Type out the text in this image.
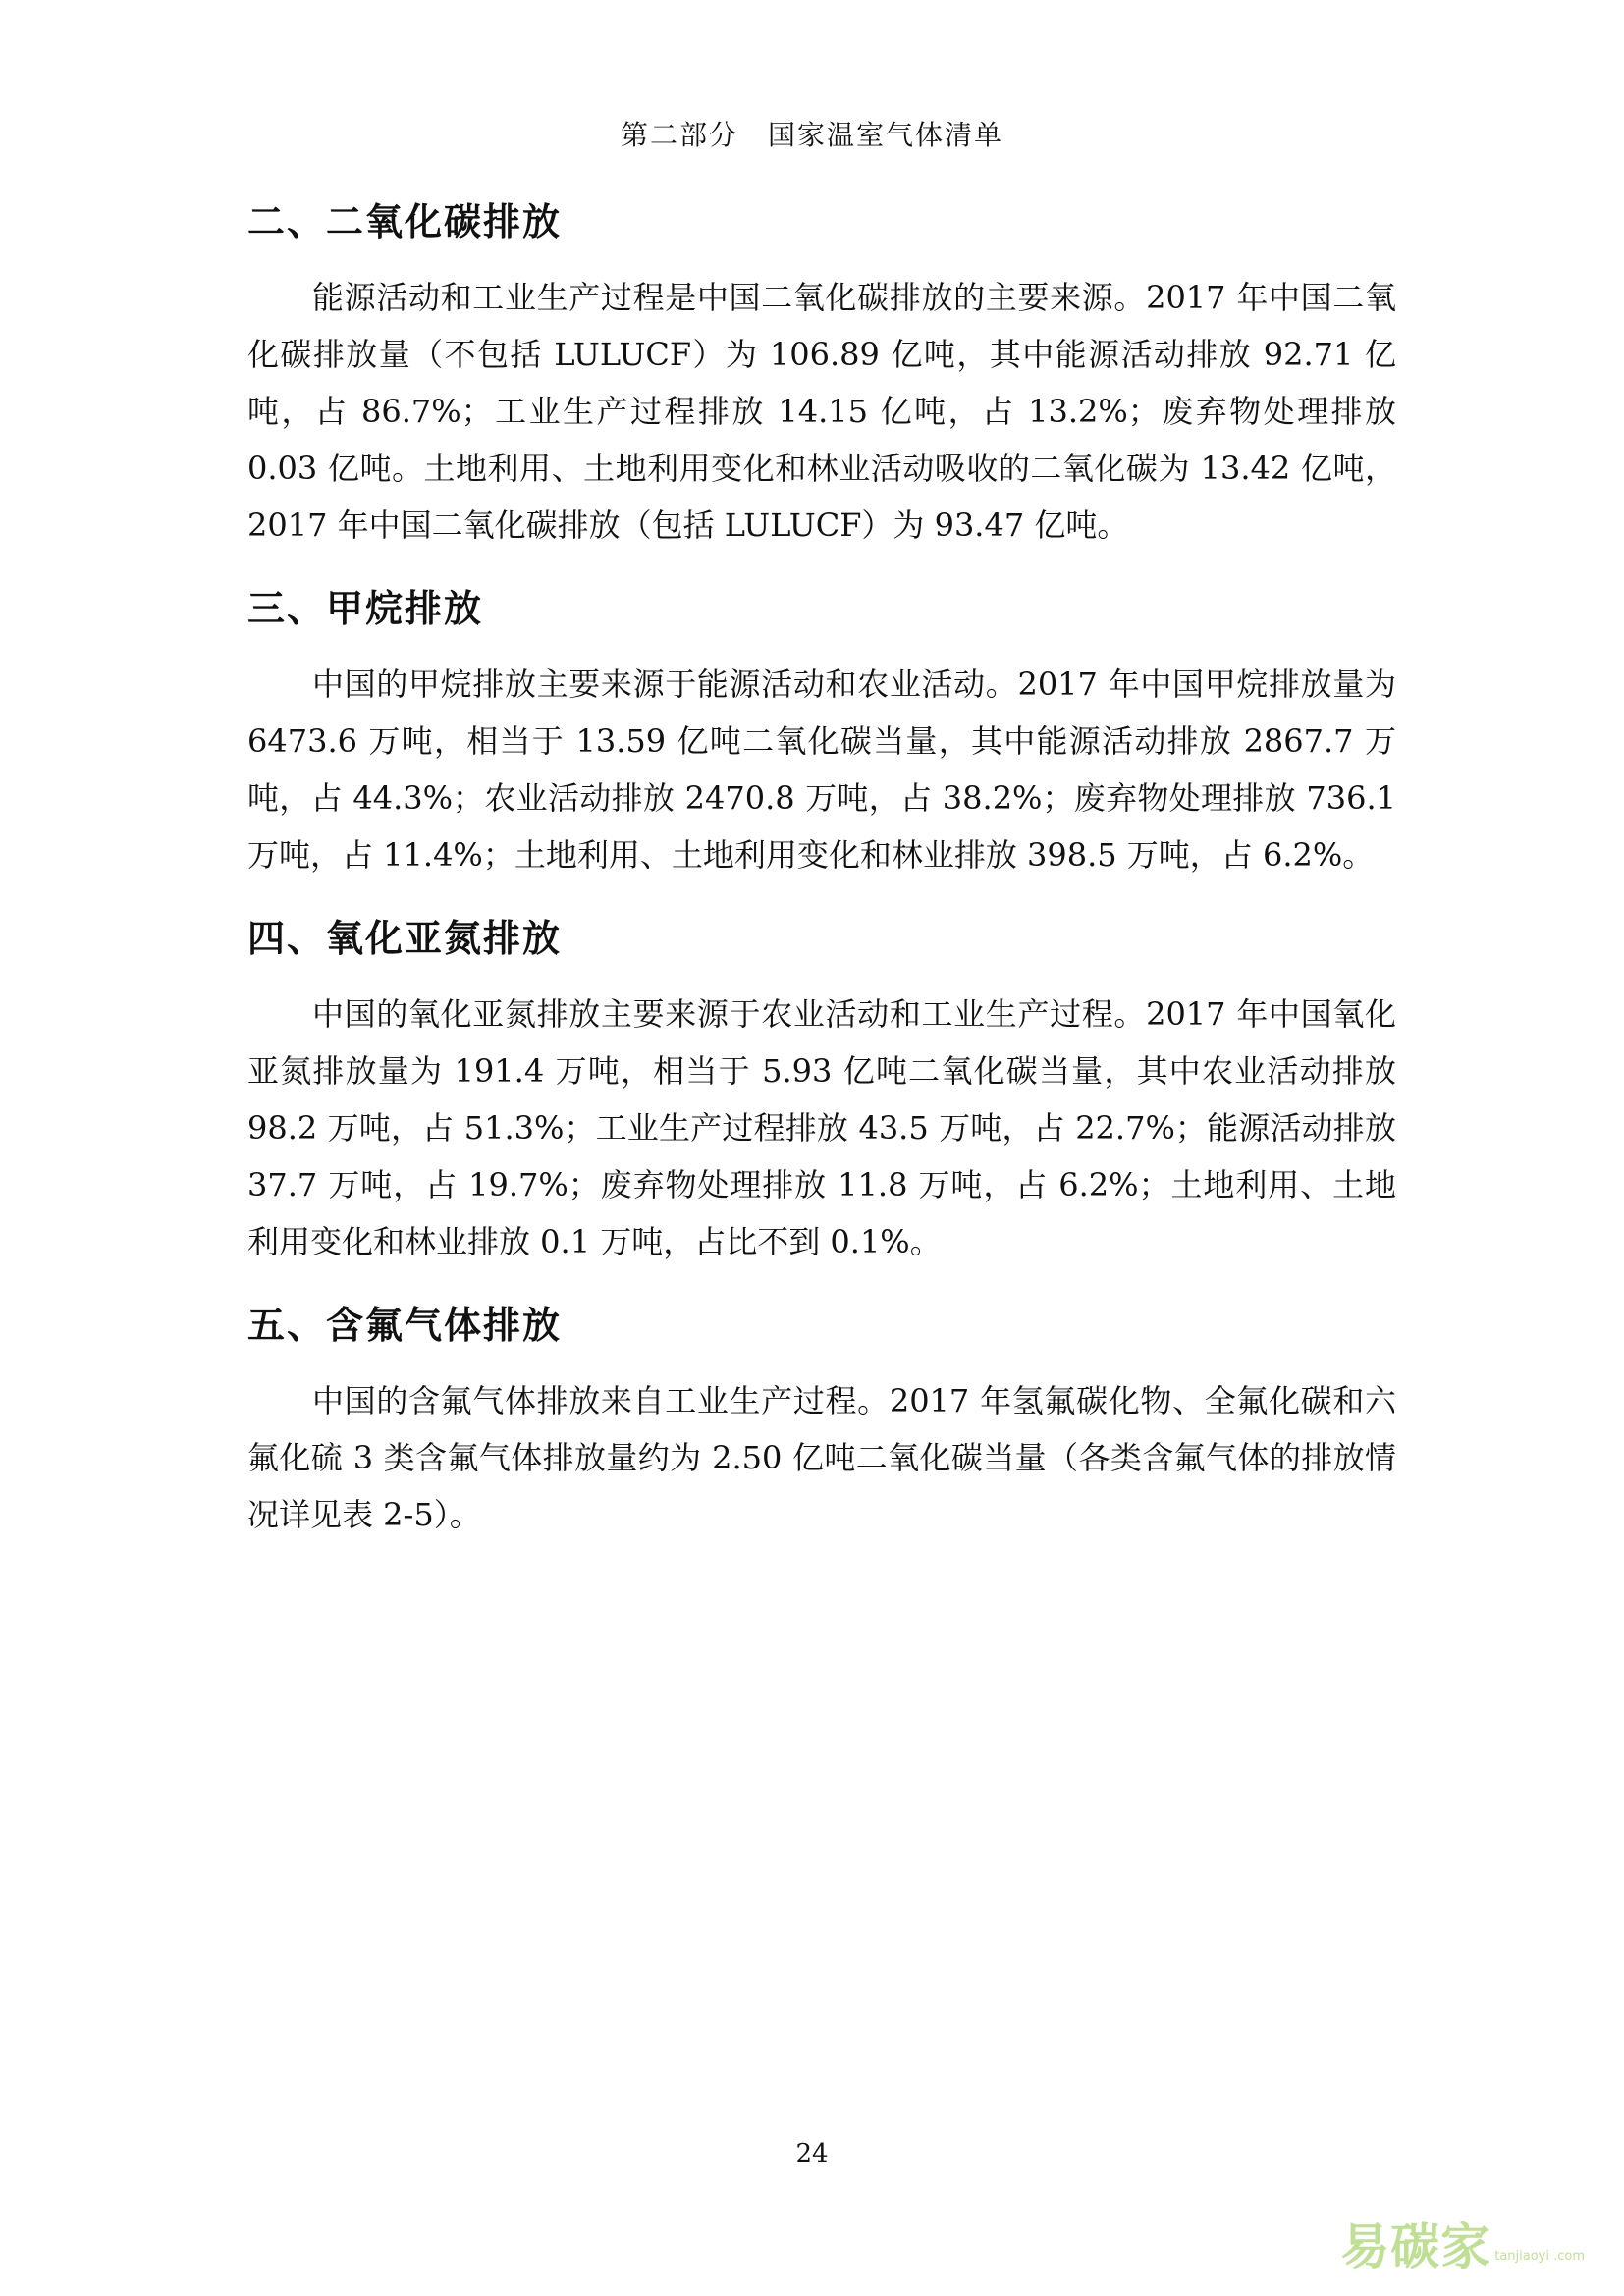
第二部分　国家温室气体清单
二、二氧化碳排放

能源活动和工业生产过程是中国二氧化碳排放的主要来源。2017 年中国二氧化碳排放量（不包括 LULUCF）为 106.89 亿吨，其中能源活动排放 92.71 亿吨，占 86.7%；工业生产过程排放 14.15 亿吨，占 13.2%；废弃物处理排放 0.03 亿吨。土地利用、土地利用变化和林业活动吸收的二氧化碳为 13.42 亿吨，2017 年中国二氧化碳排放（包括 LULUCF）为 93.47 亿吨。

三、甲烷排放

中国的甲烷排放主要来源于能源活动和农业活动。2017 年中国甲烷排放量为 6473.6 万吨，相当于 13.59 亿吨二氧化碳当量，其中能源活动排放 2867.7 万吨，占 44.3%；农业活动排放 2470.8 万吨，占 38.2%；废弃物处理排放 736.1 万吨，占 11.4%；土地利用、土地利用变化和林业排放 398.5 万吨，占 6.2%。

四、氧化亚氮排放

中国的氧化亚氮排放主要来源于农业活动和工业生产过程。2017 年中国氧化亚氮排放量为 191.4 万吨，相当于 5.93 亿吨二氧化碳当量，其中农业活动排放 98.2 万吨，占 51.3%；工业生产过程排放 43.5 万吨，占 22.7%；能源活动排放 37.7 万吨，占 19.7%；废弃物处理排放 11.8 万吨，占 6.2%；土地利用、土地利用变化和林业排放 0.1 万吨，占比不到 0.1%。

五、含氟气体排放

中国的含氟气体排放来自工业生产过程。2017 年氢氟碳化物、全氟化碳和六氟化硫 3 类含氟气体排放量约为 2.50 亿吨二氧化碳当量（各类含氟气体的排放情况详见表 2-5）。

24
易碳家 tanjiaoyi .com
